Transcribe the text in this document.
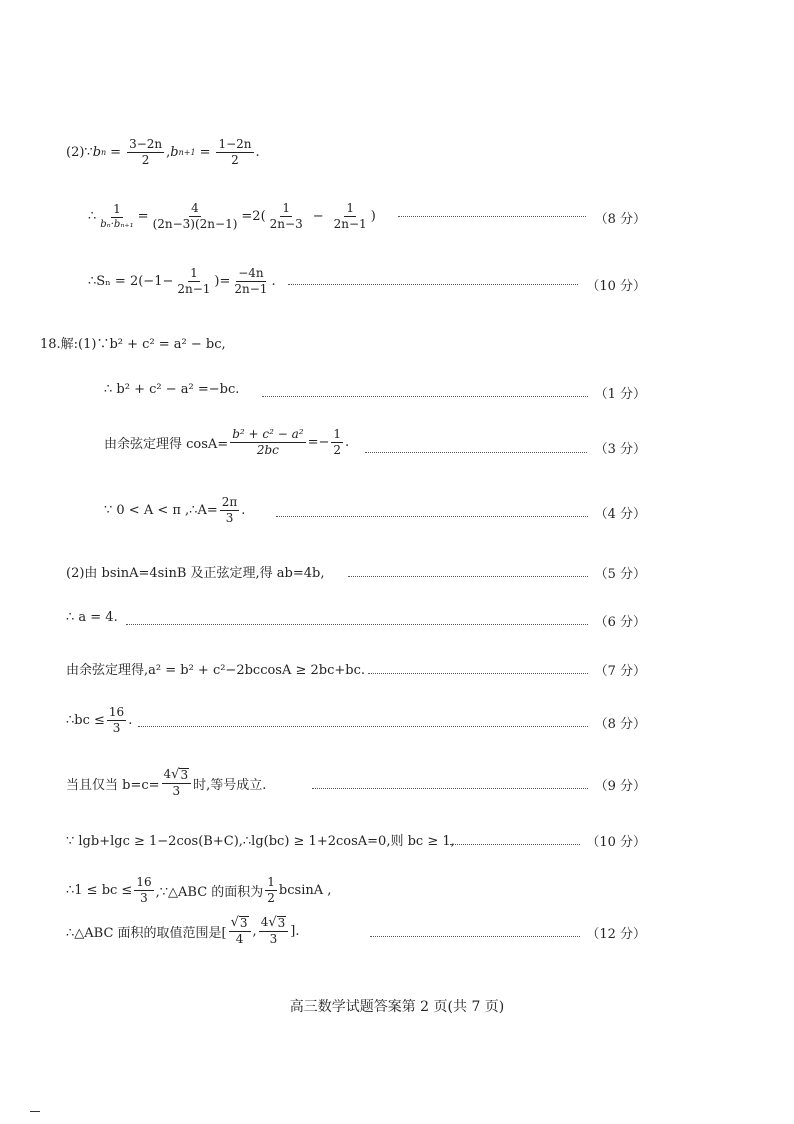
(2)∵ b $n = \frac{3-2n}{2}$ , b $n+1 = \frac{1-2n}{2}$ .
∴ $\frac{1}{\text{bₙ·bₙ₊₁}} = \frac{4}{(2n-3)(2n-1)} =2( \frac{1}{2n-3} - \frac{1}{2n-1}$ )	（8 分）
∴Sₙ = $2(-1- \frac{1}{2n-1}$ )= $\frac{-4n}{2n-1}$ .	（10 分）
18.解:(1)∵b² + c² = a² − bc,
∴ b² + c² − a² =−bc.	（1 分）
由余弦定理得 $\cos A= \frac{\text{b² + c² − a²}}{2bc} =- \frac{1}{2}$ .	（3 分）
∵ 0 < A < π ,∴A= $\frac{2\pi}{3}$ .	（4 分）
(2)由 bsinA=4sinB 及正弦定理,得 ab=4b,	（5 分）
∴ a = 4.	（6 分）
由余弦定理得,a² = b² + c²−2bccosA ≥ 2bc+bc.	（7 分）
∴bc ≤ $\frac{16}{3}$ .	（8 分）
当且仅当 $b=c= \frac{4 √ 3}{3}$ 时,等号成立.	（9 分）
∵ lgb+lgc ≥ 1−2cos(B+C),∴lg(bc) ≥ 1+2cosA=0,则 bc ≥ 1,	（10 分）
∴1 ≤ bc ≤ $\frac{16}{3}$ ,∵△ABC 的面积为 $\frac{1}{2}$ bcsinA ,
∴△ABC 面积的取值范围是[ $\frac{√ 3}{4}$ , $\frac{4 √ 3}{3}$ ].	（12 分）
高三数学试题答案第 2 页(共 7 页)
